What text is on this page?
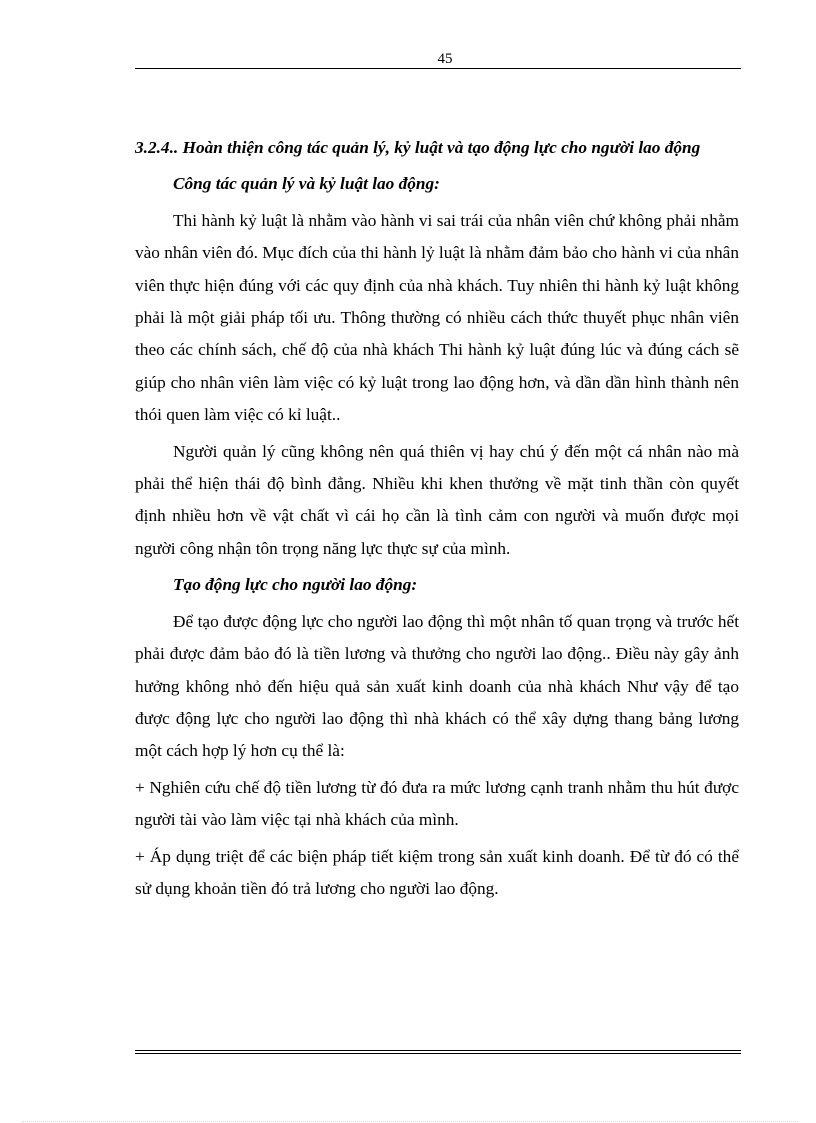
45

3.2.4.. Hoàn thiện công tác quản lý, kỷ luật và tạo động lực cho người lao động

Công tác quản lý và kỷ luật lao động:

Thi hành kỷ luật là nhằm vào hành vi sai trái của nhân viên chứ không phải nhằm vào nhân viên đó. Mục đích của thi hành lỷ luật là nhằm đảm bảo cho hành vi của nhân viên thực hiện đúng với các quy định của nhà khách. Tuy nhiên thi hành kỷ luật không phải là một giải pháp tối ưu. Thông thường có nhiều cách thức thuyết phục nhân viên theo các chính sách, chế độ của nhà khách Thi hành kỷ luật đúng lúc và đúng cách sẽ giúp cho nhân viên làm việc có kỷ luật trong lao động hơn, và dần dần hình thành nên thói quen làm việc có kỉ luật..

Người quản lý cũng không nên quá thiên vị hay chú ý đến một cá nhân nào mà phải thể hiện thái độ bình đẳng. Nhiều khi khen thưởng về mặt tinh thần còn quyết định nhiều hơn về vật chất vì cái họ cần là tình cảm con người và muốn được mọi người công nhận tôn trọng năng lực thực sự của mình.

Tạo động lực cho người lao động:

Để tạo được động lực cho người lao động thì một nhân tố quan trọng và trước hết phải được đảm bảo đó là tiền lương và thưởng cho người lao động.. Điều này gây ảnh hưởng không nhỏ đến hiệu quả sản xuất kinh doanh của nhà khách Như vậy để tạo được động lực cho người lao động thì nhà khách có thể xây dựng thang bảng lương một cách hợp lý hơn cụ thể là:

+ Nghiên cứu chế độ tiền lương từ đó đưa ra mức lương cạnh tranh nhằm thu hút được người tài vào làm việc tại nhà khách của mình.

+ Áp dụng triệt để các biện pháp tiết kiệm trong sản xuất kinh doanh. Để từ đó có thể sử dụng khoản tiền đó trả lương cho người lao động.
